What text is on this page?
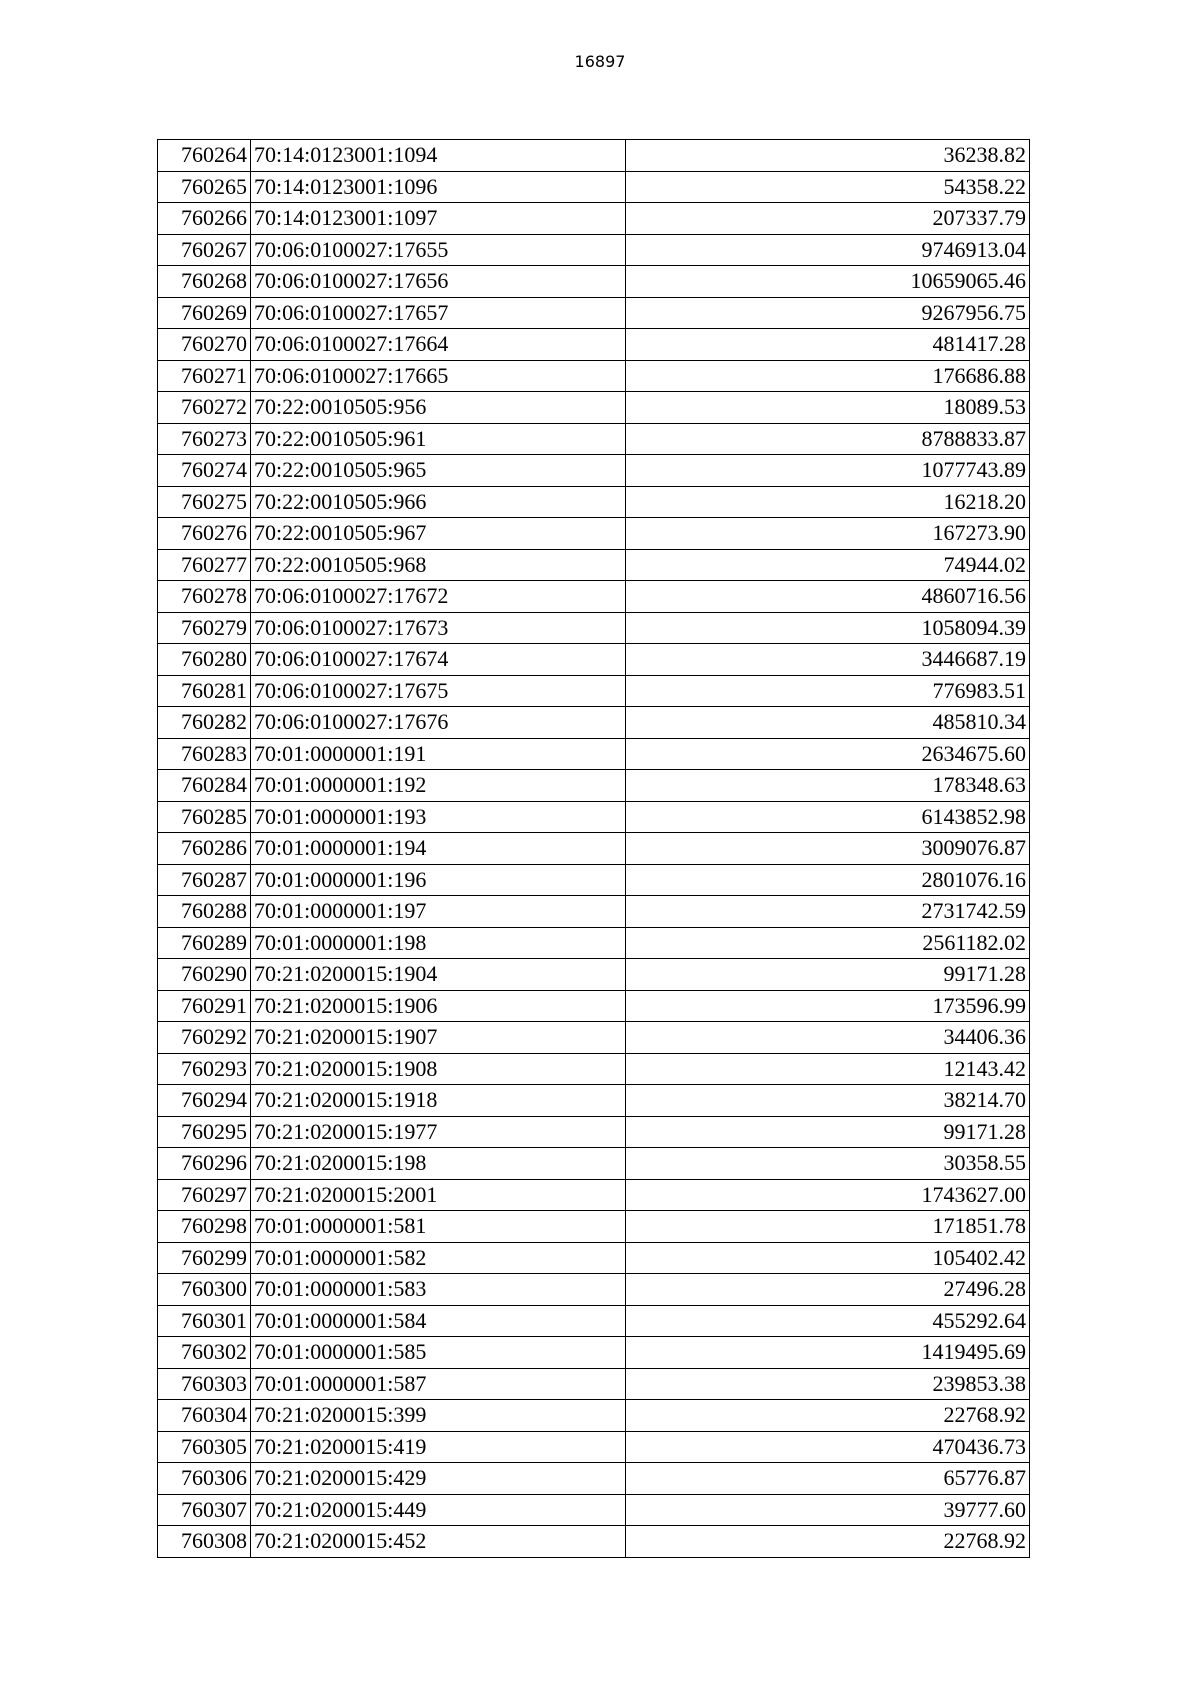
16897
760264	70:14:0123001:1094	36238.82
760265	70:14:0123001:1096	54358.22
760266	70:14:0123001:1097	207337.79
760267	70:06:0100027:17655	9746913.04
760268	70:06:0100027:17656	10659065.46
760269	70:06:0100027:17657	9267956.75
760270	70:06:0100027:17664	481417.28
760271	70:06:0100027:17665	176686.88
760272	70:22:0010505:956	18089.53
760273	70:22:0010505:961	8788833.87
760274	70:22:0010505:965	1077743.89
760275	70:22:0010505:966	16218.20
760276	70:22:0010505:967	167273.90
760277	70:22:0010505:968	74944.02
760278	70:06:0100027:17672	4860716.56
760279	70:06:0100027:17673	1058094.39
760280	70:06:0100027:17674	3446687.19
760281	70:06:0100027:17675	776983.51
760282	70:06:0100027:17676	485810.34
760283	70:01:0000001:191	2634675.60
760284	70:01:0000001:192	178348.63
760285	70:01:0000001:193	6143852.98
760286	70:01:0000001:194	3009076.87
760287	70:01:0000001:196	2801076.16
760288	70:01:0000001:197	2731742.59
760289	70:01:0000001:198	2561182.02
760290	70:21:0200015:1904	99171.28
760291	70:21:0200015:1906	173596.99
760292	70:21:0200015:1907	34406.36
760293	70:21:0200015:1908	12143.42
760294	70:21:0200015:1918	38214.70
760295	70:21:0200015:1977	99171.28
760296	70:21:0200015:198	30358.55
760297	70:21:0200015:2001	1743627.00
760298	70:01:0000001:581	171851.78
760299	70:01:0000001:582	105402.42
760300	70:01:0000001:583	27496.28
760301	70:01:0000001:584	455292.64
760302	70:01:0000001:585	1419495.69
760303	70:01:0000001:587	239853.38
760304	70:21:0200015:399	22768.92
760305	70:21:0200015:419	470436.73
760306	70:21:0200015:429	65776.87
760307	70:21:0200015:449	39777.60
760308	70:21:0200015:452	22768.92
